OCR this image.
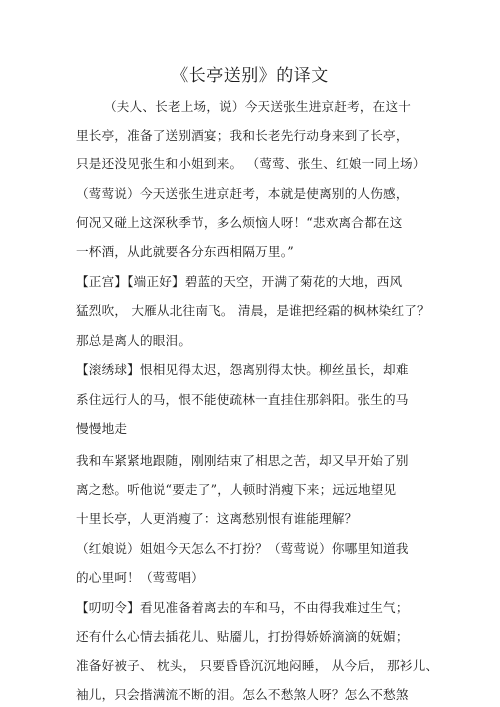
《长亭送别》的译文
（夫人、长老上场，说）今天送张生进京赶考，在这十
里长亭，准备了送别酒宴；我和长老先行动身来到了长亭，
只是还没见张生和小姐到来。 （莺莺、张生、红娘一同上场）
（莺莺说）今天送张生进京赶考，本就是使离别的人伤感，
何况又碰上这深秋季节，多么烦恼人呀！“悲欢离合都在这
一杯酒，从此就要各分东西相隔万里。”
【正宫】【端正好】碧蓝的天空，开满了菊花的大地，西风
猛烈吹， 大雁从北往南飞。 清晨，是谁把经霜的枫林染红了？
那总是离人的眼泪。
【滚绣球】恨相见得太迟，怨离别得太快。柳丝虽长，却难
系住远行人的马，恨不能使疏林一直挂住那斜阳。张生的马
慢慢地走
我和车紧紧地跟随，刚刚结束了相思之苦，却又早开始了别
离之愁。听他说“要走了”，人顿时消瘦下来；远远地望见
十里长亭，人更消瘦了：这离愁别恨有谁能理解？
（红娘说）姐姐今天怎么不打扮？（莺莺说）你哪里知道我
的心里呵！（莺莺唱）
【叨叨令】看见准备着离去的车和马，不由得我难过生气；
还有什么心情去插花儿、贴靥儿，打扮得娇娇滴滴的妩媚；
准备好被子、 枕头， 只要昏昏沉沉地闷睡， 从今后， 那衫儿、
袖儿，只会揩满流不断的泪。怎么不愁煞人呀？怎么不愁煞
